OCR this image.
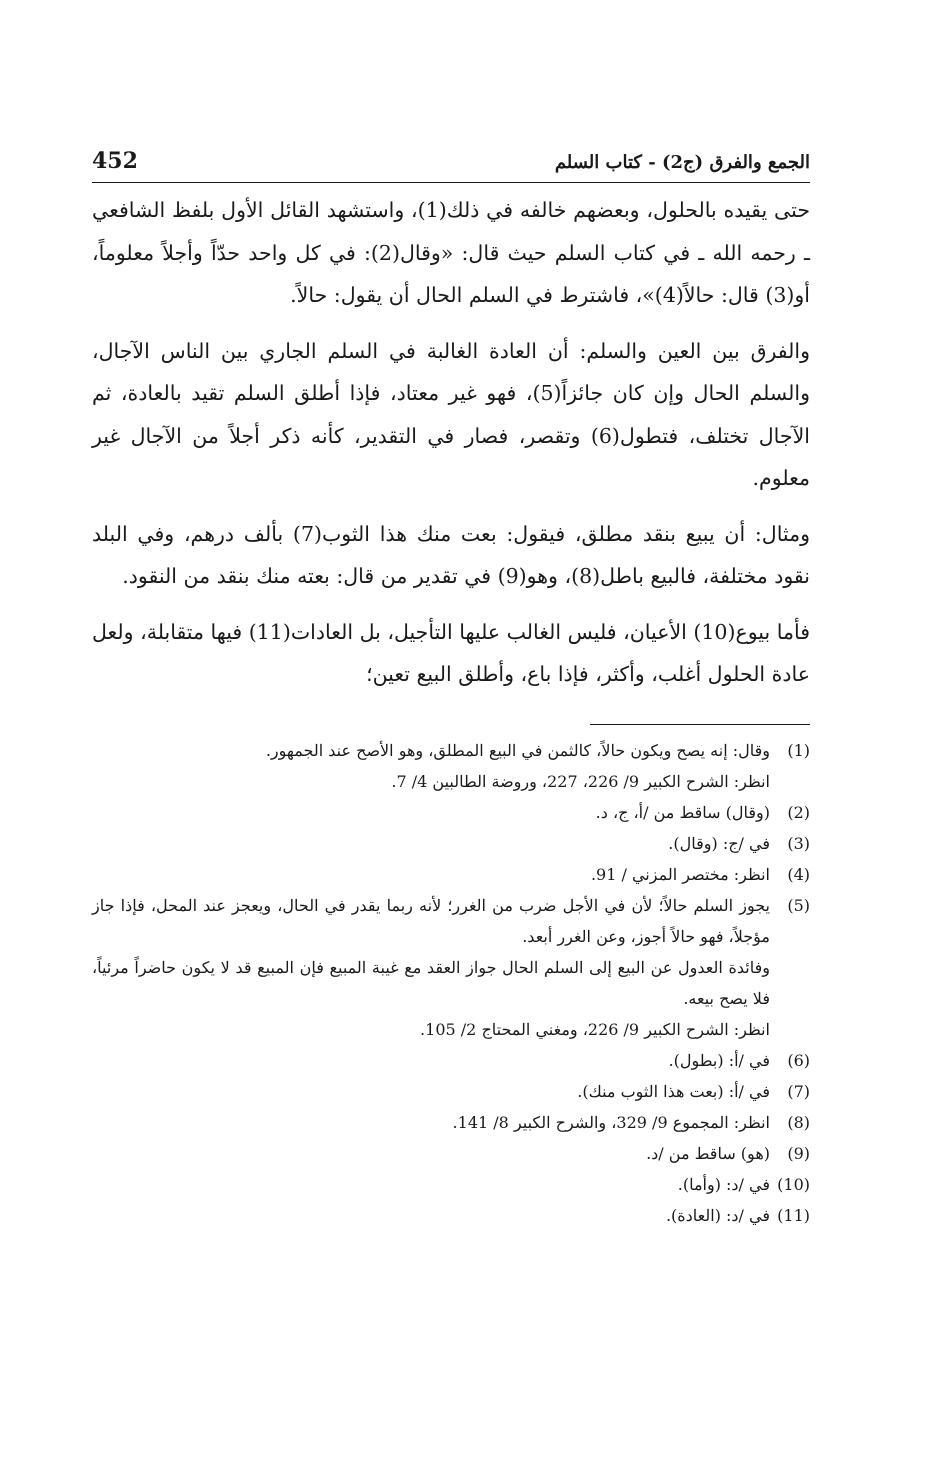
الجمع والفرق (ج2) - كتاب السلم
452

حتى يقيده بالحلول، وبعضهم خالفه في ذلك(1)، واستشهد القائل الأول بلفظ الشافعي ـ رحمه الله ـ في كتاب السلم حيث قال: «وقال(2): في كل واحد حدّاً وأجلاً معلوماً، أو(3) قال: حالاً(4)»، فاشترط في السلم الحال أن يقول: حالاً.

والفرق بين العين والسلم: أن العادة الغالبة في السلم الجاري بين الناس الآجال، والسلم الحال وإن كان جائزاً(5)، فهو غير معتاد، فإذا أطلق السلم تقيد بالعادة، ثم الآجال تختلف، فتطول(6) وتقصر، فصار في التقدير، كأنه ذكر أجلاً من الآجال غير معلوم.

ومثال: أن يبيع بنقد مطلق، فيقول: بعت منك هذا الثوب(7) بألف درهم، وفي البلد نقود مختلفة، فالبيع باطل(8)، وهو(9) في تقدير من قال: بعته منك بنقد من النقود.

فأما بيوع(10) الأعيان، فليس الغالب عليها التأجيل، بل العادات(11) فيها متقابلة، ولعل عادة الحلول أغلب، وأكثر، فإذا باع، وأطلق البيع تعين؛

(1)
وقال: إنه يصح ويكون حالاً، كالثمن في البيع المطلق، وهو الأصح عند الجمهور.
انظر: الشرح الكبير 9/ 226، 227، وروضة الطالبين 4/ 7.
(2)
(وقال) ساقط من /أ، ج، د.
(3)
في /ج: (وقال).
(4)
انظر: مختصر المزني / 91.
(5)
يجوز السلم حالاً؛ لأن في الأجل ضرب من الغرر؛ لأنه ربما يقدر في الحال، ويعجز عند المحل، فإذا جاز مؤجلاً، فهو حالاً أجوز، وعن الغرر أبعد.
وفائدة العدول عن البيع إلى السلم الحال جواز العقد مع غيبة المبيع فإن المبيع قد لا يكون حاضراً مرئياً، فلا يصح بيعه.
انظر: الشرح الكبير 9/ 226، ومغني المحتاج 2/ 105.
(6)
في /أ: (بطول).
(7)
في /أ: (بعت هذا الثوب منك).
(8)
انظر: المجموع 9/ 329، والشرح الكبير 8/ 141.
(9)
(هو) ساقط من /د.
(10)
في /د: (وأما).
(11)
في /د: (العادة).
